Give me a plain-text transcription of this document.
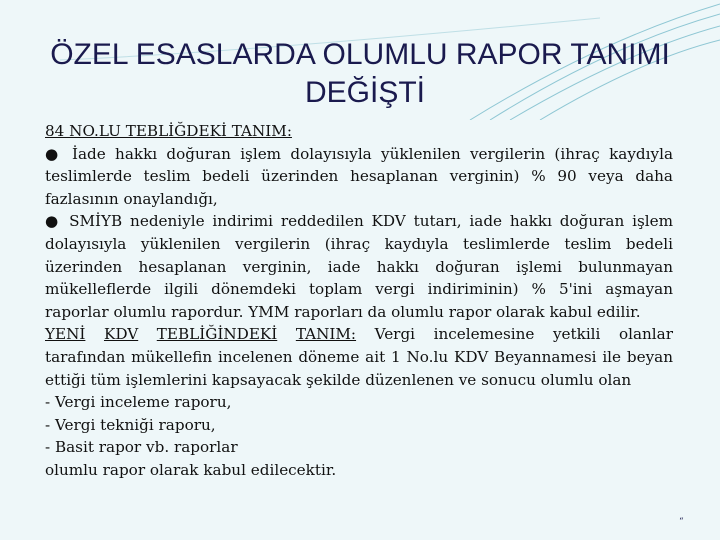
ÖZEL ESASLARDA OLUMLU RAPOR TANIMI
DEĞİŞTİ

84 NO.LU TEBLİĞDEKİ TANIM:

● İade hakkı doğuran işlem dolayısıyla yüklenilen vergilerin (ihraç kaydıyla teslimlerde teslim bedeli üzerinden hesaplanan verginin) % 90 veya daha fazlasının onaylandığı,

● SMİYB nedeniyle indirimi reddedilen KDV tutarı, iade hakkı doğuran işlem dolayısıyla yüklenilen vergilerin (ihraç kaydıyla teslimlerde teslim bedeli üzerinden hesaplanan verginin, iade hakkı doğuran işlemi bulunmayan mükelleflerde ilgili dönemdeki toplam vergi indiriminin) % 5'ini aşmayan raporlar olumlu rapordur. YMM raporları da olumlu rapor olarak kabul edilir.

YENİ KDV TEBLİĞİNDEKİ TANIM: Vergi incelemesine yetkili olanlar

tarafından mükellefin incelenen döneme ait 1 No.lu KDV Beyannamesi ile beyan ettiği tüm işlemlerini kapsayacak şekilde düzenlenen ve sonucu olumlu olan

- Vergi inceleme raporu,

- Vergi tekniği raporu,

- Basit rapor vb. raporlar

olumlu rapor olarak kabul edilecektir.

“
